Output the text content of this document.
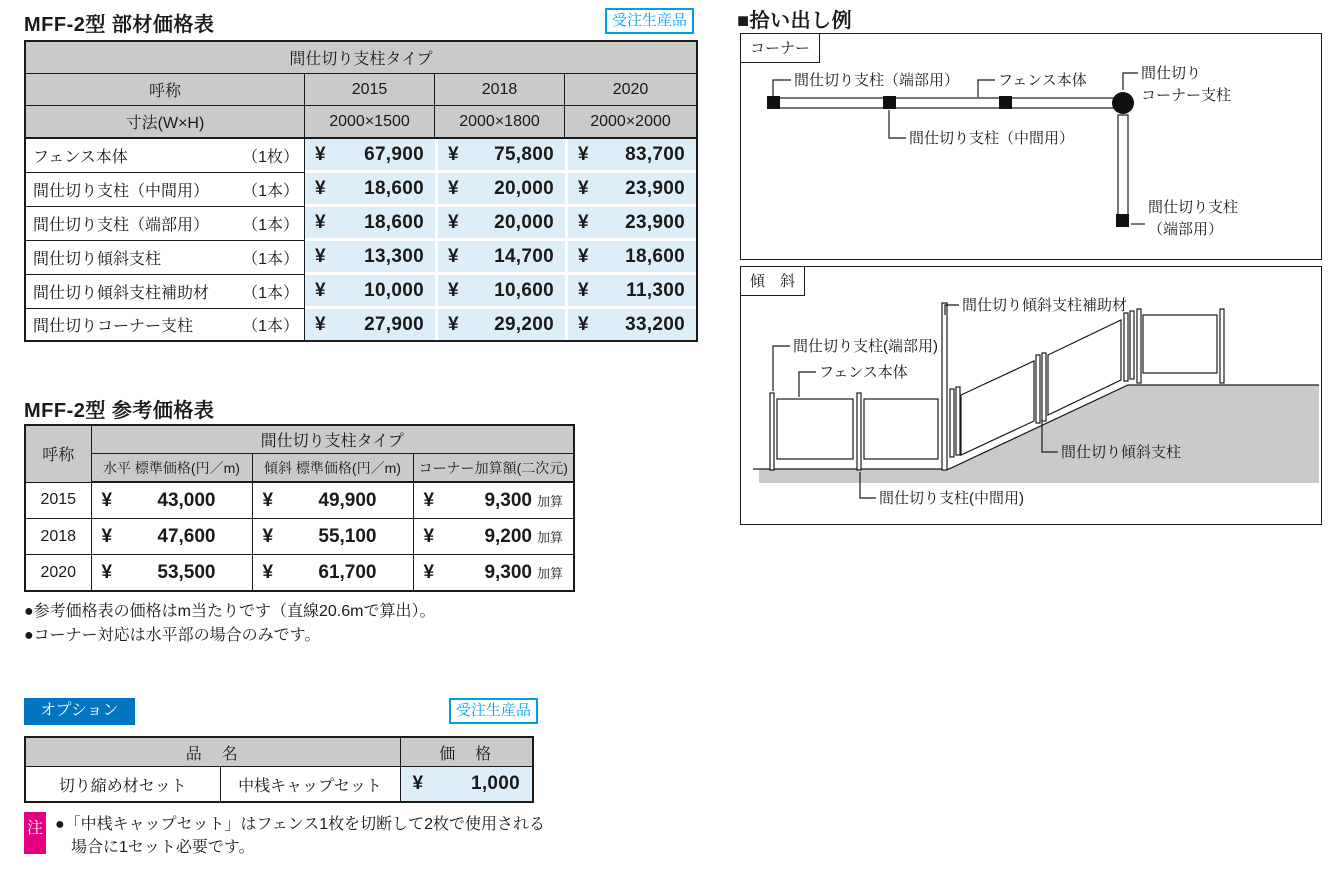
MFF-2型 部材価格表	受注生産品
間仕切り支柱タイプ			
呼称	2015	2018	2020
寸法(W×H)	2000×1500	2000×1800	2000×2000

フェンス本体 （1枚）	¥ 67,900	¥ 75,800	¥ 83,700

間仕切り支柱（中間用） （1本）	¥ 18,600	¥ 20,000	¥ 23,900

間仕切り支柱（端部用） （1本）	¥ 18,600	¥ 20,000	¥ 23,900

間仕切り傾斜支柱 （1本）	¥ 13,300	¥ 14,700	¥ 18,600

間仕切り傾斜支柱補助材 （1本）	¥ 10,000	¥ 10,600	¥ 11,300

間仕切りコーナー支柱 （1本）	¥ 27,900	¥ 29,200	¥ 33,200
MFF-2型 参考価格表
呼称	間仕切り支柱タイプ		
	水平 標準価格(円／m)	傾斜 標準価格(円／m)	コーナー加算額(二次元)
2015	¥ 43,000	¥ 49,900	¥ 9,300 加算

2018	¥ 47,600	¥ 55,100	¥ 9,200 加算

2020	¥ 53,500	¥ 61,700	¥ 9,300 加算
●参考価格表の価格はm当たりです（直線20.6mで算出）。
●コーナー対応は水平部の場合のみです。
オプション	受注生産品
品　名		価　格
切り縮め材セット	中桟キャップセット	¥ 1,000
注 ●「中桟キャップセット」はフェンス1枚を切断して2枚で使用される
場合に1セット必要です。
■拾い出し例
間仕切り支柱（端部用）	フェンス本体	間仕切り
コーナー支柱
間仕切り支柱（中間用）
間仕切り支柱
（端部用）
コーナー
間仕切り傾斜支柱補助材
間仕切り支柱(端部用)
フェンス本体
間仕切り傾斜支柱
間仕切り支柱(中間用)
傾　斜
